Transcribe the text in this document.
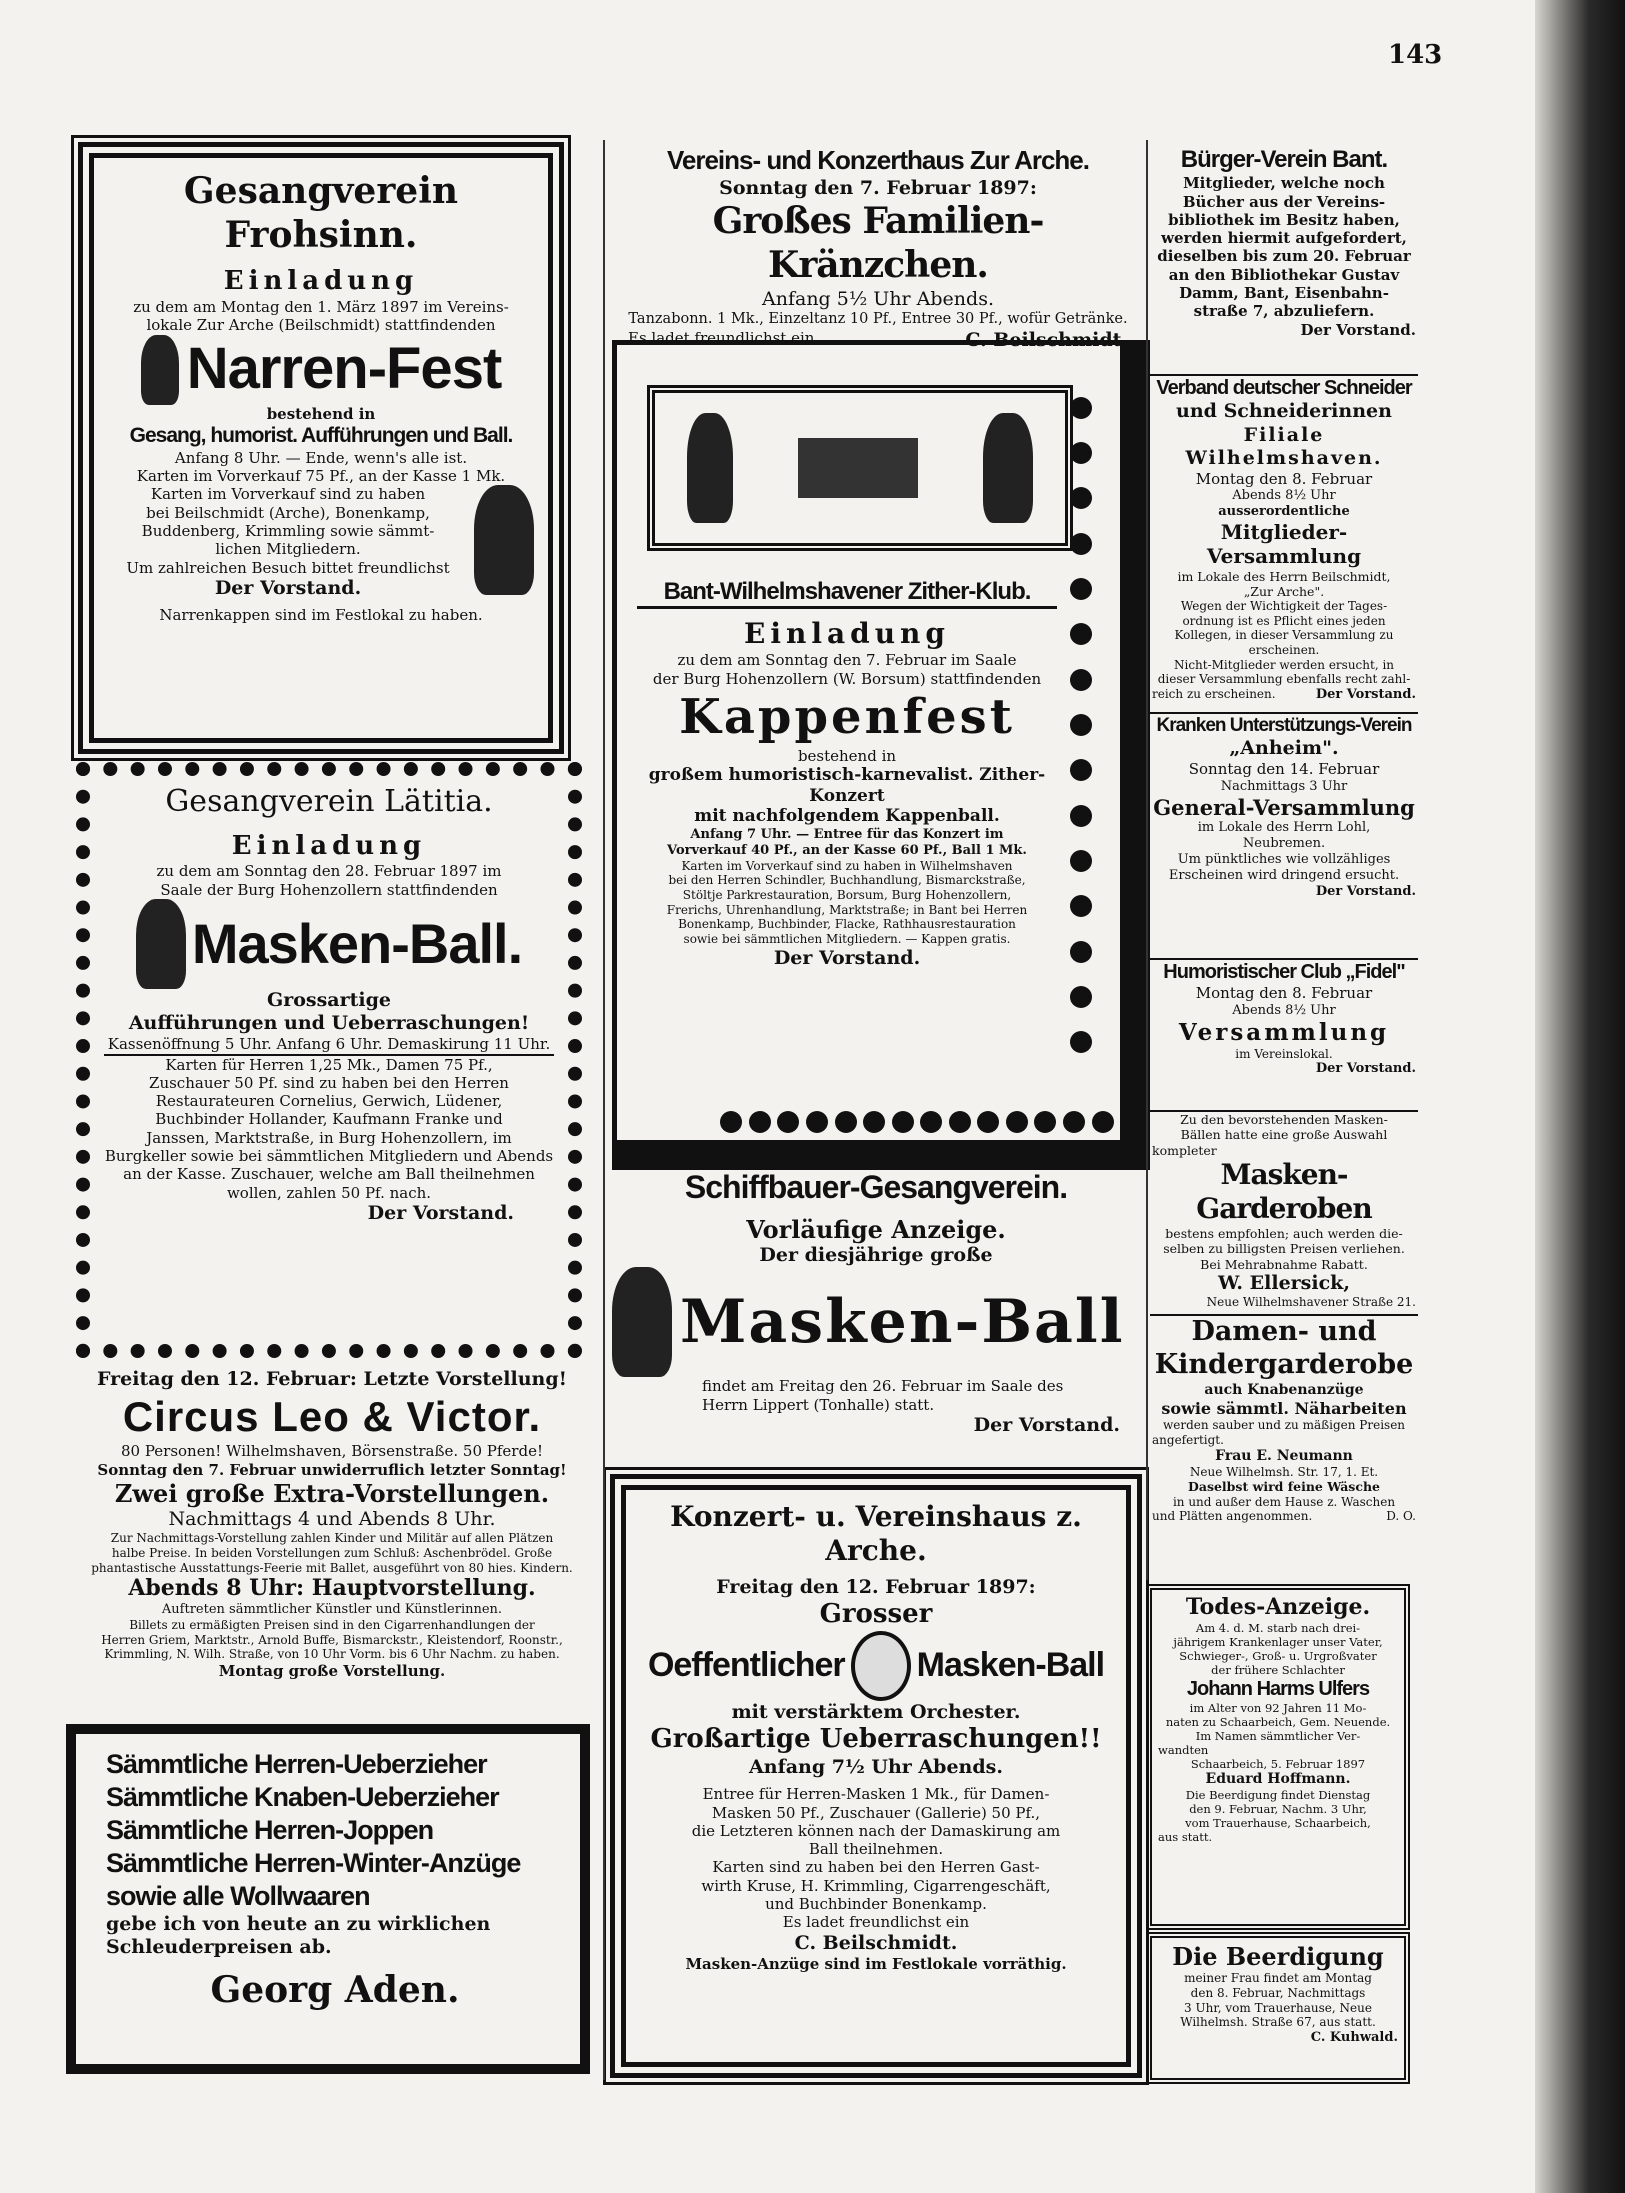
143
Gesangverein Frohsinn.
Einladung
zu dem am Montag den 1. März 1897 im Vereins-
lokale Zur Arche (Beilschmidt) stattfindenden
Narren-Fest
bestehend in
Gesang, humorist. Aufführungen und Ball.
Anfang 8 Uhr. — Ende, wenn's alle ist.
Karten im Vorverkauf 75 Pf., an der Kasse 1 Mk.
Karten im Vorverkauf sind zu haben
bei Beilschmidt (Arche), Bonenkamp,
Buddenberg, Krimmling sowie sämmt-
lichen Mitgliedern.
Um zahlreichen Besuch bittet freundlichst
Der Vorstand.
Narrenkappen sind im Festlokal zu haben.
Gesangverein Lätitia.
Einladung
zu dem am Sonntag den 28. Februar 1897 im
Saale der Burg Hohenzollern stattfindenden
Masken-Ball.
Grossartige
Aufführungen und Ueberraschungen!
Kassenöffnung 5 Uhr. Anfang 6 Uhr. Demaskirung 11 Uhr.
Karten für Herren 1,25 Mk., Damen 75 Pf.,
Zuschauer 50 Pf. sind zu haben bei den Herren
Restaurateuren Cornelius, Gerwich, Lüdener,
Buchbinder Hollander, Kaufmann Franke und
Janssen, Marktstraße, in Burg Hohenzollern, im
Burgkeller sowie bei sämmtlichen Mitgliedern und Abends
an der Kasse. Zuschauer, welche am Ball theilnehmen
wollen, zahlen 50 Pf. nach.
Der Vorstand.
Freitag den 12. Februar: Letzte Vorstellung!
Circus Leo & Victor.
80 Personen! Wilhelmshaven, Börsenstraße. 50 Pferde!
Sonntag den 7. Februar unwiderruflich letzter Sonntag!
Zwei große Extra-Vorstellungen.
Nachmittags 4 und Abends 8 Uhr.
Zur Nachmittags-Vorstellung zahlen Kinder und Militär auf allen Plätzen
halbe Preise. In beiden Vorstellungen zum Schluß: Aschenbrödel. Große
phantastische Ausstattungs-Feerie mit Ballet, ausgeführt von 80 hies. Kindern.
Abends 8 Uhr: Hauptvorstellung.
Auftreten sämmtlicher Künstler und Künstlerinnen.
Billets zu ermäßigten Preisen sind in den Cigarrenhandlungen der
Herren Griem, Marktstr., Arnold Buffe, Bismarckstr., Kleistendorf, Roonstr.,
Krimmling, N. Wilh. Straße, von 10 Uhr Vorm. bis 6 Uhr Nachm. zu haben.
Montag große Vorstellung.
Sämmtliche Herren-Ueberzieher
Sämmtliche Knaben-Ueberzieher
Sämmtliche Herren-Joppen
Sämmtliche Herren-Winter-Anzüge
sowie alle Wollwaaren
gebe ich von heute an zu wirklichen
Schleuderpreisen ab.
Georg Aden.
Vereins- und Konzerthaus Zur Arche.
Sonntag den 7. Februar 1897:
Großes Familien-Kränzchen.
Anfang 5½ Uhr Abends.
Tanzabonn. 1 Mk., Einzeltanz 10 Pf., Entree 30 Pf., wofür Getränke.
Es ladet freundlichst ein	C. Beilschmidt.
Bant-Wilhelmshavener Zither-Klub.
Einladung
zu dem am Sonntag den 7. Februar im Saale
der Burg Hohenzollern (W. Borsum) stattfindenden
Kappenfest
bestehend in
großem humoristisch-karnevalist. Zither-Konzert
mit nachfolgendem Kappenball.
Anfang 7 Uhr. — Entree für das Konzert im
Vorverkauf 40 Pf., an der Kasse 60 Pf., Ball 1 Mk.
Karten im Vorverkauf sind zu haben in Wilhelmshaven
bei den Herren Schindler, Buchhandlung, Bismarckstraße,
Stöltje Parkrestauration, Borsum, Burg Hohenzollern,
Frerichs, Uhrenhandlung, Marktstraße; in Bant bei Herren
Bonenkamp, Buchbinder, Flacke, Rathhausrestauration
sowie bei sämmtlichen Mitgliedern. — Kappen gratis.
Der Vorstand.
Schiffbauer-Gesangverein.
Vorläufige Anzeige.
Der diesjährige große
Masken-Ball
findet am Freitag den 26. Februar im Saale des
Herrn Lippert (Tonhalle) statt.
Der Vorstand.
Konzert- u. Vereinshaus z. Arche.
Freitag den 12. Februar 1897:
Grosser
Oeffentlicher Masken-Ball
mit verstärktem Orchester.
Großartige Ueberraschungen!!
Anfang 7½ Uhr Abends.
Entree für Herren-Masken 1 Mk., für Damen-
Masken 50 Pf., Zuschauer (Gallerie) 50 Pf.,
die Letzteren können nach der Damaskirung am
Ball theilnehmen.
Karten sind zu haben bei den Herren Gast-
wirth Kruse, H. Krimmling, Cigarrengeschäft,
und Buchbinder Bonenkamp.
Es ladet freundlichst ein
C. Beilschmidt.
Masken-Anzüge sind im Festlokale vorräthig.
Bürger-Verein Bant.
Mitglieder, welche noch
Bücher aus der Vereins-
bibliothek im Besitz haben,
werden hiermit aufgefordert,
dieselben bis zum 20. Februar
an den Bibliothekar Gustav
Damm, Bant, Eisenbahn-
straße 7, abzuliefern.
Der Vorstand.
Verband deutscher Schneider
und Schneiderinnen
Filiale Wilhelmshaven.
Montag den 8. Februar
Abends 8½ Uhr
ausserordentliche
Mitglieder-Versammlung
im Lokale des Herrn Beilschmidt,
„Zur Arche".
Wegen der Wichtigkeit der Tages-
ordnung ist es Pflicht eines jeden
Kollegen, in dieser Versammlung zu
erscheinen.
Nicht-Mitglieder werden ersucht, in
dieser Versammlung ebenfalls recht zahl-
reich zu erscheinen.	Der Vorstand.
Kranken Unterstützungs-Verein
„Anheim".
Sonntag den 14. Februar
Nachmittags 3 Uhr
General-Versammlung
im Lokale des Herrn Lohl,
Neubremen.
Um pünktliches wie vollzähliges
Erscheinen wird dringend ersucht.
Der Vorstand.
Humoristischer Club „Fidel"
Montag den 8. Februar
Abends 8½ Uhr
Versammlung
im Vereinslokal.
Der Vorstand.
Zu den bevorstehenden Masken-
Bällen hatte eine große Auswahl
kompleter
Masken-Garderoben
bestens empfohlen; auch werden die-
selben zu billigsten Preisen verliehen.
Bei Mehrabnahme Rabatt.
W. Ellersick,
Neue Wilhelmshavener Straße 21.
Damen- und
Kindergarderobe
auch Knabenanzüge
sowie sämmtl. Näharbeiten
werden sauber und zu mäßigen Preisen
angefertigt.
Frau E. Neumann
Neue Wilhelmsh. Str. 17, 1. Et.
Daselbst wird feine Wäsche
in und außer dem Hause z. Waschen
und Plätten angenommen.	D. O.
Todes-Anzeige.
Am 4. d. M. starb nach drei-
jährigem Krankenlager unser Vater,
Schwieger-, Groß- u. Urgroßvater
der frühere Schlachter
Johann Harms Ulfers
im Alter von 92 Jahren 11 Mo-
naten zu Schaarbeich, Gem. Neuende.
Im Namen sämmtlicher Ver-
wandten
Schaarbeich, 5. Februar 1897
Eduard Hoffmann.
Die Beerdigung findet Dienstag
den 9. Februar, Nachm. 3 Uhr,
vom Trauerhause, Schaarbeich,
aus statt.
Die Beerdigung
meiner Frau findet am Montag
den 8. Februar, Nachmittags
3 Uhr, vom Trauerhause, Neue
Wilhelmsh. Straße 67, aus statt.
C. Kuhwald.
